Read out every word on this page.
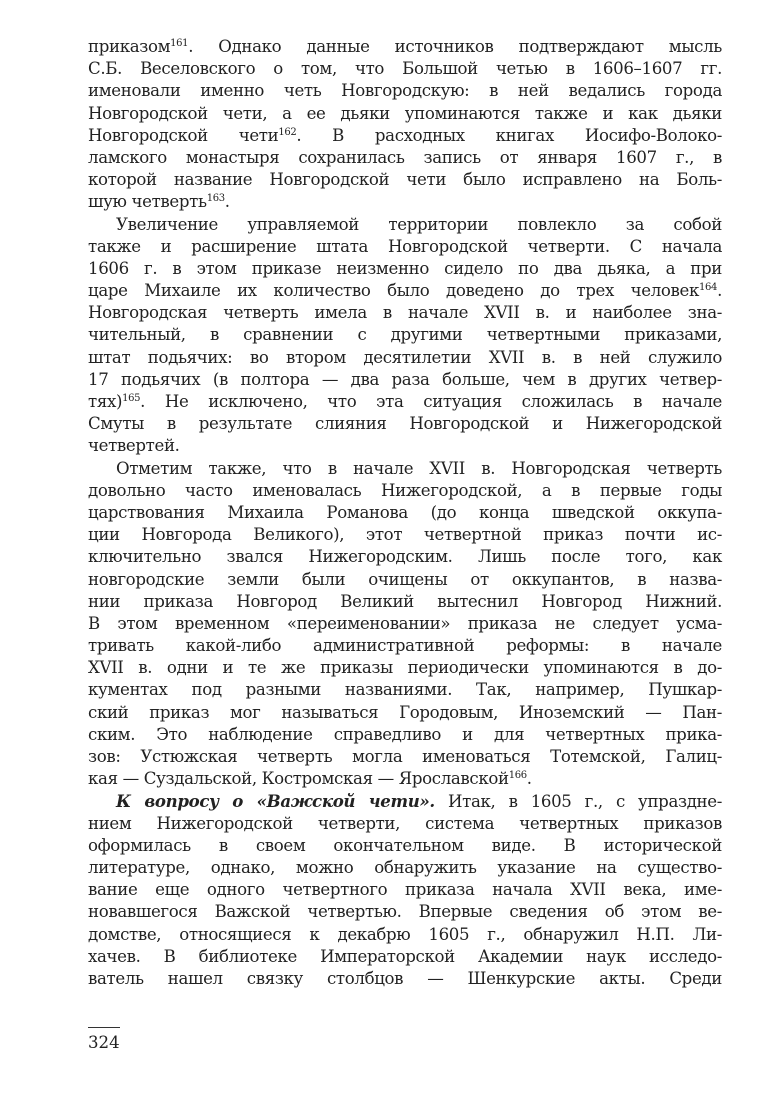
приказом$^{161}$. Однако данные источников подтверждают мысль
С.Б. Веселовского о том, что Большой четью в 1606–1607 гг.
именовали именно четь Новгородскую: в ней ведались города
Новгородской чети, а ее дьяки упоминаются также и как дьяки
Новгородской чети$^{162}$. В расходных книгах Иосифо-Волоко-
ламского монастыря сохранилась запись от января 1607 г., в
которой название Новгородской чети было исправлено на Боль-
шую четверть$^{163}$.
Увеличение управляемой территории повлекло за собой
также и расширение штата Новгородской четверти. С начала
1606 г. в этом приказе неизменно сидело по два дьяка, а при
царе Михаиле их количество было доведено до трех человек$^{164}$.
Новгородская четверть имела в начале XVII в. и наиболее зна-
чительный, в сравнении с другими четвертными приказами,
штат подьячих: во втором десятилетии XVII в. в ней служило
17 подьячих (в полтора — два раза больше, чем в других четвер-
тях)$^{165}$. Не исключено, что эта ситуация сложилась в начале
Смуты в результате слияния Новгородской и Нижегородской
четвертей.
Отметим также, что в начале XVII в. Новгородская четверть
довольно часто именовалась Нижегородской, а в первые годы
царствования Михаила Романова (до конца шведской оккупа-
ции Новгорода Великого), этот четвертной приказ почти ис-
ключительно звался Нижегородским. Лишь после того, как
новгородские земли были очищены от оккупантов, в назва-
нии приказа Новгород Великий вытеснил Новгород Нижний.
В этом временном «переименовании» приказа не следует усма-
тривать какой-либо административной реформы: в начале
XVII в. одни и те же приказы периодически упоминаются в до-
кументах под разными названиями. Так, например, Пушкар-
ский приказ мог называться Городовым, Иноземский — Пан-
ским. Это наблюдение справедливо и для четвертных прика-
зов: Устюжская четверть могла именоваться Тотемской, Галиц-
кая — Суздальской, Костромская — Ярославской$^{166}$.
К вопросу о «Важской чети». Итак, в 1605 г., с упраздне-
нием Нижегородской четверти, система четвертных приказов
оформилась в своем окончательном виде. В исторической
литературе, однако, можно обнаружить указание на существо-
вание еще одного четвертного приказа начала XVII века, име-
новавшегося Важской четвертью. Впервые сведения об этом ве-
домстве, относящиеся к декабрю 1605 г., обнаружил Н.П. Ли-
хачев. В библиотеке Императорской Академии наук исследо-
ватель нашел связку столбцов — Шенкурские акты. Среди
324
